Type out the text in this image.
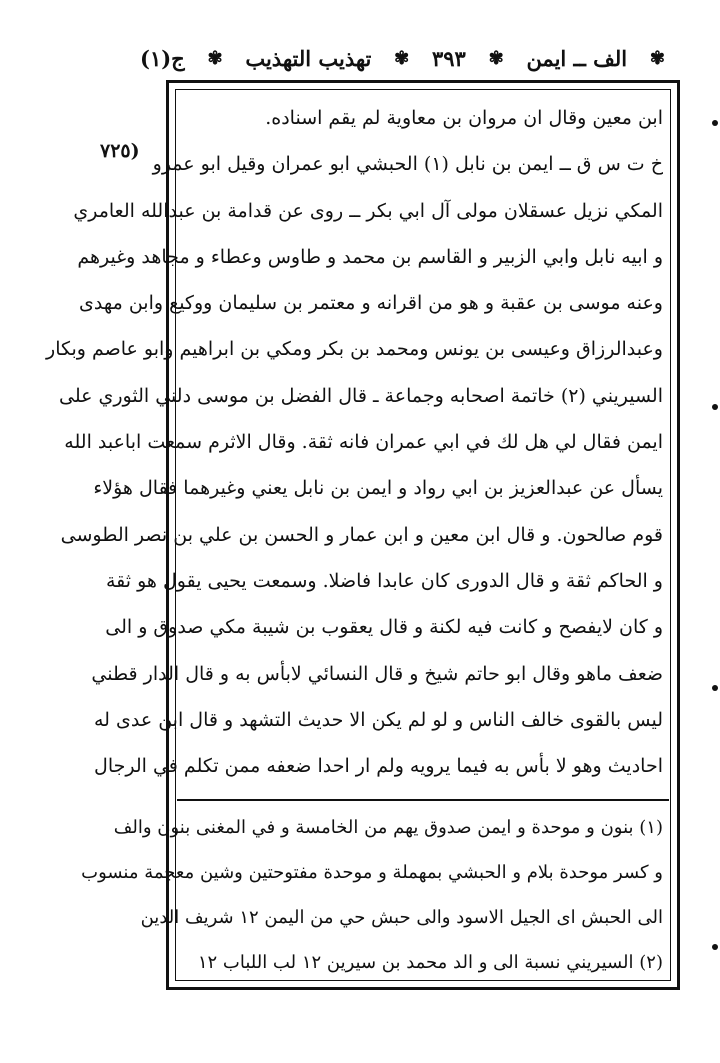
ج(١) ✾ تهذيب التهذيب ✾ ٣٩٣ ✾ الف ــ ايمن ✾
(٧٢٥
ابن معين وقال ان مروان بن معاوية لم يقم اسناده.
خ ت س ق ــ ايمن بن نابل (١) الحبشي ابو عمران وقيل ابو عمرو
المكي نزيل عسقلان مولى آل ابي بكر ــ روى عن قدامة بن عبدالله العامري
و ابيه نابل وابي الزبير و القاسم بن محمد و طاوس وعطاء و مجاهد وغيرهم
وعنه موسى بن عقبة و هو من اقرانه و معتمر بن سليمان ووكيع وابن مهدى
وعبدالرزاق وعيسى بن يونس ومحمد بن بكر ومكي بن ابراهيم وابو عاصم وبكار
السيريني (٢) خاتمة اصحابه وجماعة ـ قال الفضل بن موسى دلني الثوري على
ايمن فقال لي هل لك في ابي عمران فانه ثقة. وقال الاثرم سمعت اباعبد الله
يسأل عن عبدالعزيز بن ابي رواد و ايمن بن نابل يعني وغيرهما فقال هؤلاء
قوم صالحون. و قال ابن معين و ابن عمار و الحسن بن علي بن نصر الطوسى
و الحاكم ثقة و قال الدورى كان عابدا فاضلا. وسمعت يحيى يقول هو ثقة
و كان لايفصح و كانت فيه لكنة و قال يعقوب بن شيبة مكي صدوق و الى
ضعف ماهو وقال ابو حاتم شيخ و قال النسائي لابأس به و قال الدار قطني
ليس بالقوى خالف الناس و لو لم يكن الا حديث التشهد و قال ابن عدى له
احاديث وهو لا بأس به فيما يرويه ولم ار احدا ضعفه ممن تكلم في الرجال
(١) بنون و موحدة و ايمن صدوق يهم من الخامسة و في المغنى بنون والف
و كسر موحدة بلام و الحبشي بمهملة و موحدة مفتوحتين وشين معجمة منسوب
الى الحبش اى الجيل الاسود والى حبش حي من اليمن ١٢ شريف الدين
(٢) السيريني نسبة الى و الد محمد بن سيرين ١٢ لب اللباب ١٢
